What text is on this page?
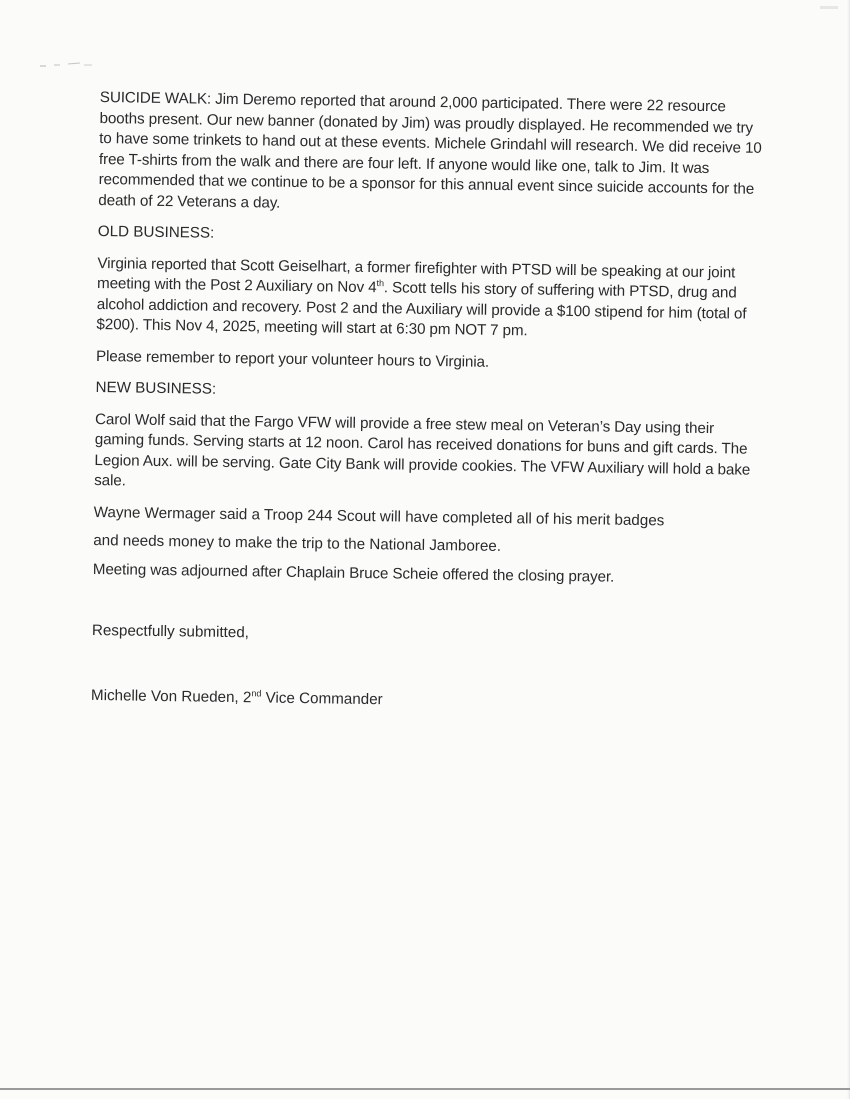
SUICIDE WALK: Jim Deremo reported that around 2,000 participated. There were 22 resource booths present. Our new banner (donated by Jim) was proudly displayed. He recommended we try to have some trinkets to hand out at these events. Michele Grindahl will research. We did receive 10 free T-shirts from the walk and there are four left. If anyone would like one, talk to Jim. It was recommended that we continue to be a sponsor for this annual event since suicide accounts for the death of 22 Veterans a day.

OLD BUSINESS:

Virginia reported that Scott Geiselhart, a former firefighter with PTSD will be speaking at our joint meeting with the Post 2 Auxiliary on Nov 4th. Scott tells his story of suffering with PTSD, drug and alcohol addiction and recovery. Post 2 and the Auxiliary will provide a $100 stipend for him (total of $200). This Nov 4, 2025, meeting will start at 6:30 pm NOT 7 pm.

Please remember to report your volunteer hours to Virginia.

NEW BUSINESS:

Carol Wolf said that the Fargo VFW will provide a free stew meal on Veteran’s Day using their gaming funds. Serving starts at 12 noon. Carol has received donations for buns and gift cards. The Legion Aux. will be serving. Gate City Bank will provide cookies. The VFW Auxiliary will hold a bake sale.

Wayne Wermager said a Troop 244 Scout will have completed all of his merit badges

and needs money to make the trip to the National Jamboree.

Meeting was adjourned after Chaplain Bruce Scheie offered the closing prayer.

Respectfully submitted,

Michelle Von Rueden, 2nd Vice Commander
